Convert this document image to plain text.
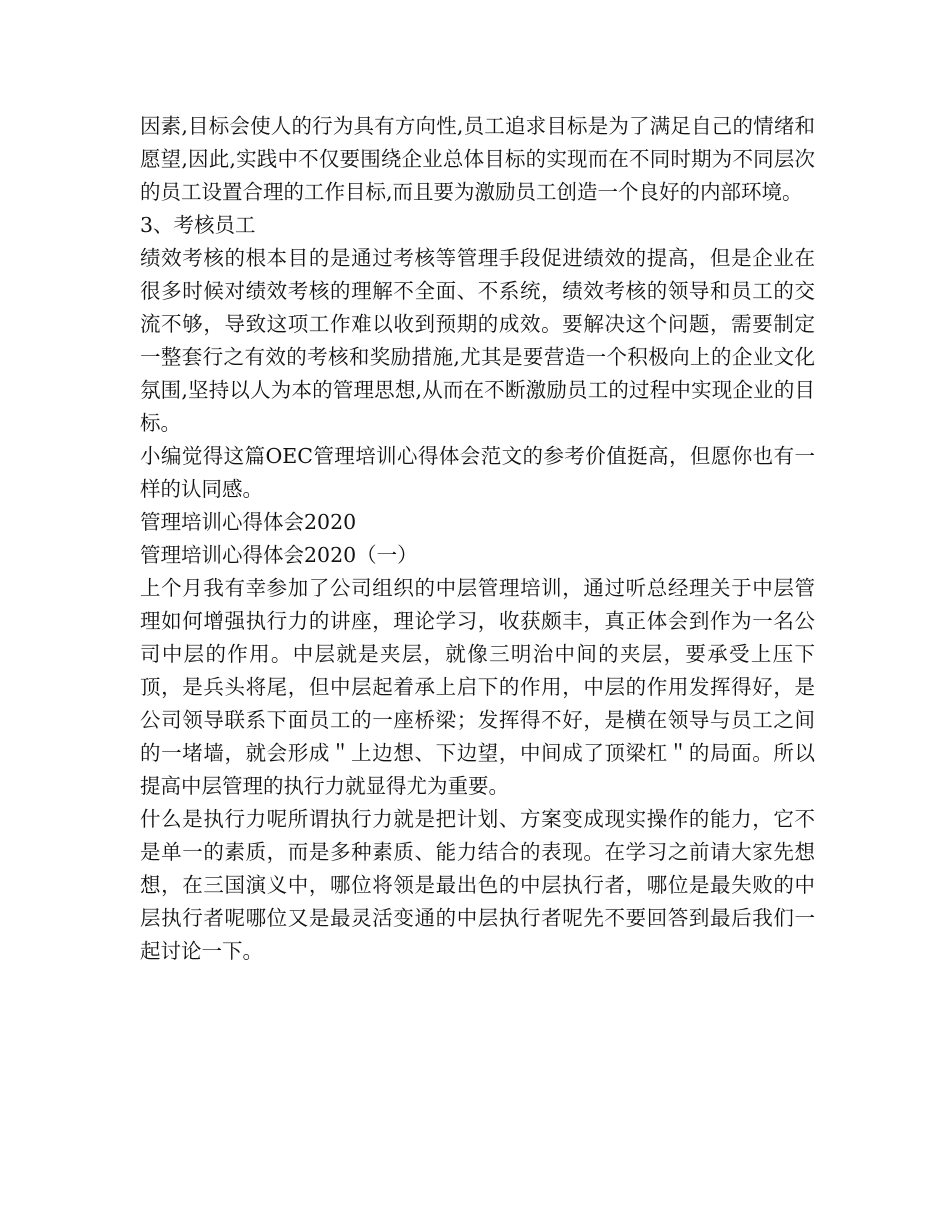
因素,目标会使人的行为具有方向性,员工追求目标是为了满足自己的情绪和愿望,因此,实践中不仅要围绕企业总体目标的实现而在不同时期为不同层次的员工设置合理的工作目标,而且要为激励员工创造一个良好的内部环境。

3、考核员工

绩效考核的根本目的是通过考核等管理手段促进绩效的提高，但是企业在很多时候对绩效考核的理解不全面、不系统，绩效考核的领导和员工的交流不够，导致这项工作难以收到预期的成效。要解决这个问题，需要制定一整套行之有效的考核和奖励措施,尤其是要营造一个积极向上的企业文化氛围,坚持以人为本的管理思想,从而在不断激励员工的过程中实现企业的目标。

小编觉得这篇OEC管理培训心得体会范文的参考价值挺高，但愿你也有一样的认同感。

管理培训心得体会2020

管理培训心得体会2020（一）

上个月我有幸参加了公司组织的中层管理培训，通过听总经理关于中层管理如何增强执行力的讲座，理论学习，收获颇丰，真正体会到作为一名公司中层的作用。中层就是夹层，就像三明治中间的夹层，要承受上压下顶，是兵头将尾，但中层起着承上启下的作用，中层的作用发挥得好，是公司领导联系下面员工的一座桥梁；发挥得不好，是横在领导与员工之间的一堵墙，就会形成＂上边想、下边望，中间成了顶梁杠＂的局面。所以提高中层管理的执行力就显得尤为重要。

什么是执行力呢所谓执行力就是把计划、方案变成现实操作的能力，它不是单一的素质，而是多种素质、能力结合的表现。在学习之前请大家先想想，在三国演义中，哪位将领是最出色的中层执行者，哪位是最失败的中层执行者呢哪位又是最灵活变通的中层执行者呢先不要回答到最后我们一起讨论一下。
